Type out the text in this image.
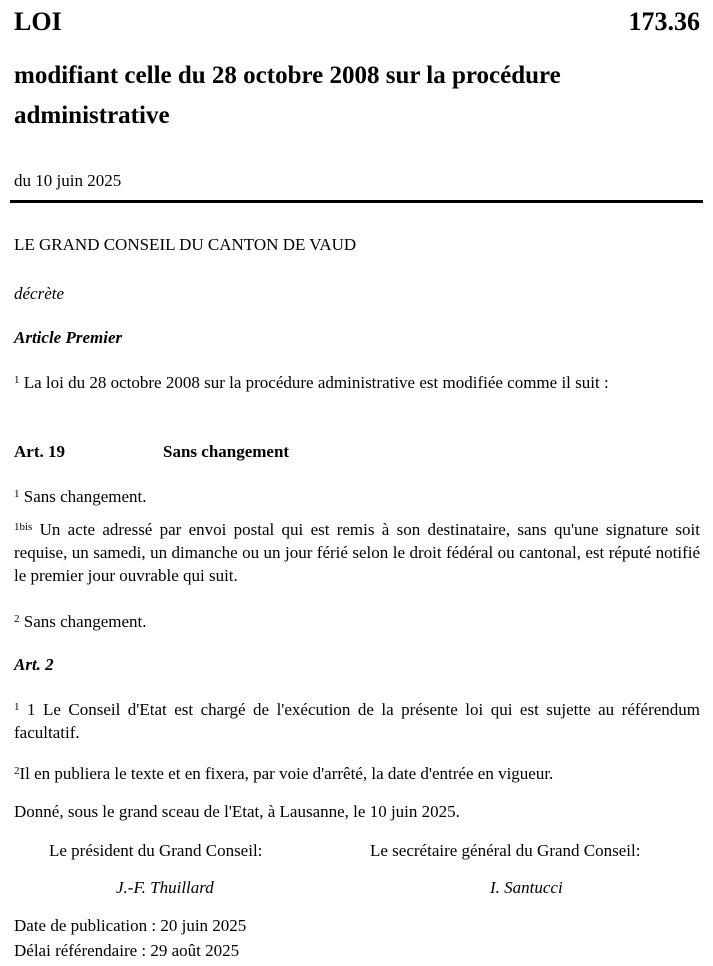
LOI	173.36
modifiant celle du 28 octobre 2008 sur la procédure administrative
du 10 juin 2025
LE GRAND CONSEIL DU CANTON DE VAUD
décrète
Article Premier
$^1$ La loi du 28 octobre 2008 sur la procédure administrative est modifiée comme il suit :
Art. 19	Sans changement
$^1$ Sans changement.
$^{1bis}$ Un acte adressé par envoi postal qui est remis à son destinataire, sans qu'une signature soit requise, un samedi, un dimanche ou un jour férié selon le droit fédéral ou cantonal, est réputé notifié le premier jour ouvrable qui suit.
$^2$ Sans changement.
Art. 2
$^1$ 1 Le Conseil d'Etat est chargé de l'exécution de la présente loi qui est sujette au référendum facultatif.
$^2$Il en publiera le texte et en fixera, par voie d'arrêté, la date d'entrée en vigueur.
Donné, sous le grand sceau de l'Etat, à Lausanne, le 10 juin 2025.
Le président du Grand Conseil:	Le secrétaire général du Grand Conseil:
J.-F. Thuillard	I. Santucci
Date de publication : 20 juin 2025
Délai référendaire : 29 août 2025
